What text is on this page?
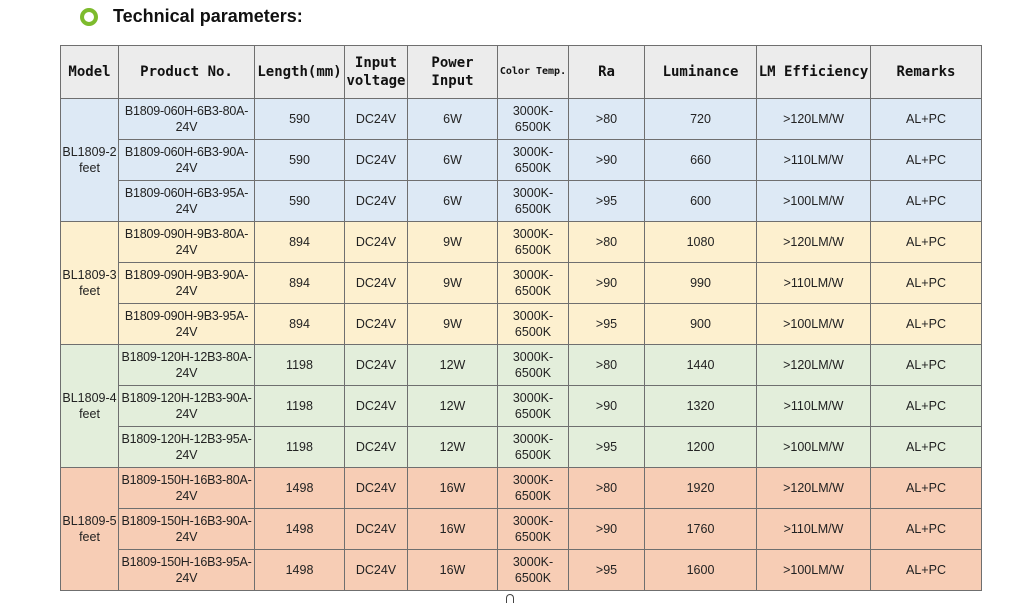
Technical parameters:
Model	Product No.	Length(mm)	Input voltage	Power Input	Color Temp.	Ra	Luminance	LM Efficiency	Remarks
BL1809-2 feet	B1809-060H-6B3-80A-24V	590	DC24V	6W	3000K-6500K	>80	720	>120LM/W	AL+PC
	B1809-060H-6B3-90A-24V	590	DC24V	6W	3000K-6500K	>90	660	>110LM/W	AL+PC
	B1809-060H-6B3-95A-24V	590	DC24V	6W	3000K-6500K	>95	600	>100LM/W	AL+PC
BL1809-3 feet	B1809-090H-9B3-80A-24V	894	DC24V	9W	3000K-6500K	>80	1080	>120LM/W	AL+PC
	B1809-090H-9B3-90A-24V	894	DC24V	9W	3000K-6500K	>90	990	>110LM/W	AL+PC
	B1809-090H-9B3-95A-24V	894	DC24V	9W	3000K-6500K	>95	900	>100LM/W	AL+PC
BL1809-4 feet	B1809-120H-12B3-80A-24V	1198	DC24V	12W	3000K-6500K	>80	1440	>120LM/W	AL+PC
	B1809-120H-12B3-90A-24V	1198	DC24V	12W	3000K-6500K	>90	1320	>110LM/W	AL+PC
	B1809-120H-12B3-95A-24V	1198	DC24V	12W	3000K-6500K	>95	1200	>100LM/W	AL+PC
BL1809-5 feet	B1809-150H-16B3-80A-24V	1498	DC24V	16W	3000K-6500K	>80	1920	>120LM/W	AL+PC
	B1809-150H-16B3-90A-24V	1498	DC24V	16W	3000K-6500K	>90	1760	>110LM/W	AL+PC
	B1809-150H-16B3-95A-24V	1498	DC24V	16W	3000K-6500K	>95	1600	>100LM/W	AL+PC
